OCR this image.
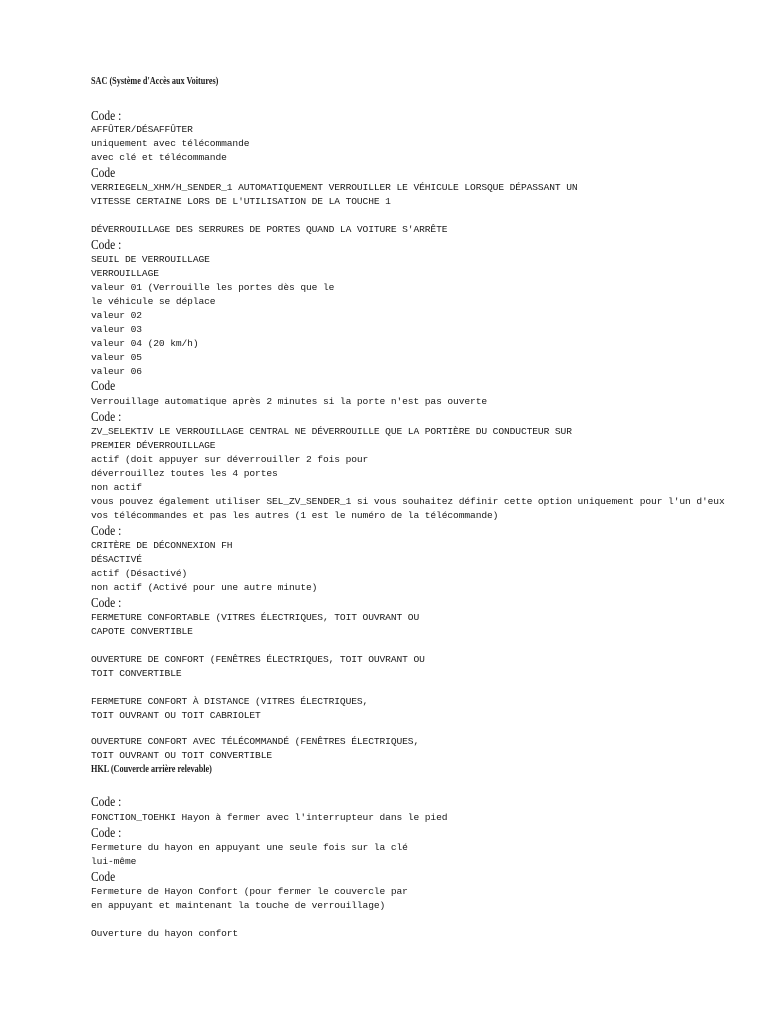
SAC (Système d'Accès aux Voitures)
Code :
AFFÛTER/DÉSAFFÛTER
uniquement avec télécommande
avec clé et télécommande
Code
VERRIEGELN_XHM/H_SENDER_1 AUTOMATIQUEMENT VERROUILLER LE VÉHICULE LORSQUE DÉPASSANT UN
VITESSE CERTAINE LORS DE L'UTILISATION DE LA TOUCHE 1
DÉVERROUILLAGE DES SERRURES DE PORTES QUAND LA VOITURE S'ARRÊTE
Code :
SEUIL DE VERROUILLAGE
VERROUILLAGE
valeur 01 (Verrouille les portes dès que le
le véhicule se déplace
valeur 02
valeur 03
valeur 04 (20 km/h)
valeur 05
valeur 06
Code
Verrouillage automatique après 2 minutes si la porte n'est pas ouverte
Code :
ZV_SELEKTIV LE VERROUILLAGE CENTRAL NE DÉVERROUILLE QUE LA PORTIÈRE DU CONDUCTEUR SUR
PREMIER DÉVERROUILLAGE
actif (doit appuyer sur déverrouiller 2 fois pour
déverrouillez toutes les 4 portes
non actif
vous pouvez également utiliser SEL_ZV_SENDER_1 si vous souhaitez définir cette option uniquement pour l'un d'eux
vos télécommandes et pas les autres (1 est le numéro de la télécommande)
Code :
CRITÈRE DE DÉCONNEXION FH
DÉSACTIVÉ
actif (Désactivé)
non actif (Activé pour une autre minute)
Code :
FERMETURE CONFORTABLE (VITRES ÉLECTRIQUES, TOIT OUVRANT OU
CAPOTE CONVERTIBLE
OUVERTURE DE CONFORT (FENÊTRES ÉLECTRIQUES, TOIT OUVRANT OU
TOIT CONVERTIBLE
FERMETURE CONFORT À DISTANCE (VITRES ÉLECTRIQUES,
TOIT OUVRANT OU TOIT CABRIOLET
OUVERTURE CONFORT AVEC TÉLÉCOMMANDÉ (FENÊTRES ÉLECTRIQUES,
TOIT OUVRANT OU TOIT CONVERTIBLE
HKL (Couvercle arrière relevable)
Code :
FONCTION_TOEHKI Hayon à fermer avec l'interrupteur dans le pied
Code :
Fermeture du hayon en appuyant une seule fois sur la clé
lui-même
Code
Fermeture de Hayon Confort (pour fermer le couvercle par
en appuyant et maintenant la touche de verrouillage)
Ouverture du hayon confort
